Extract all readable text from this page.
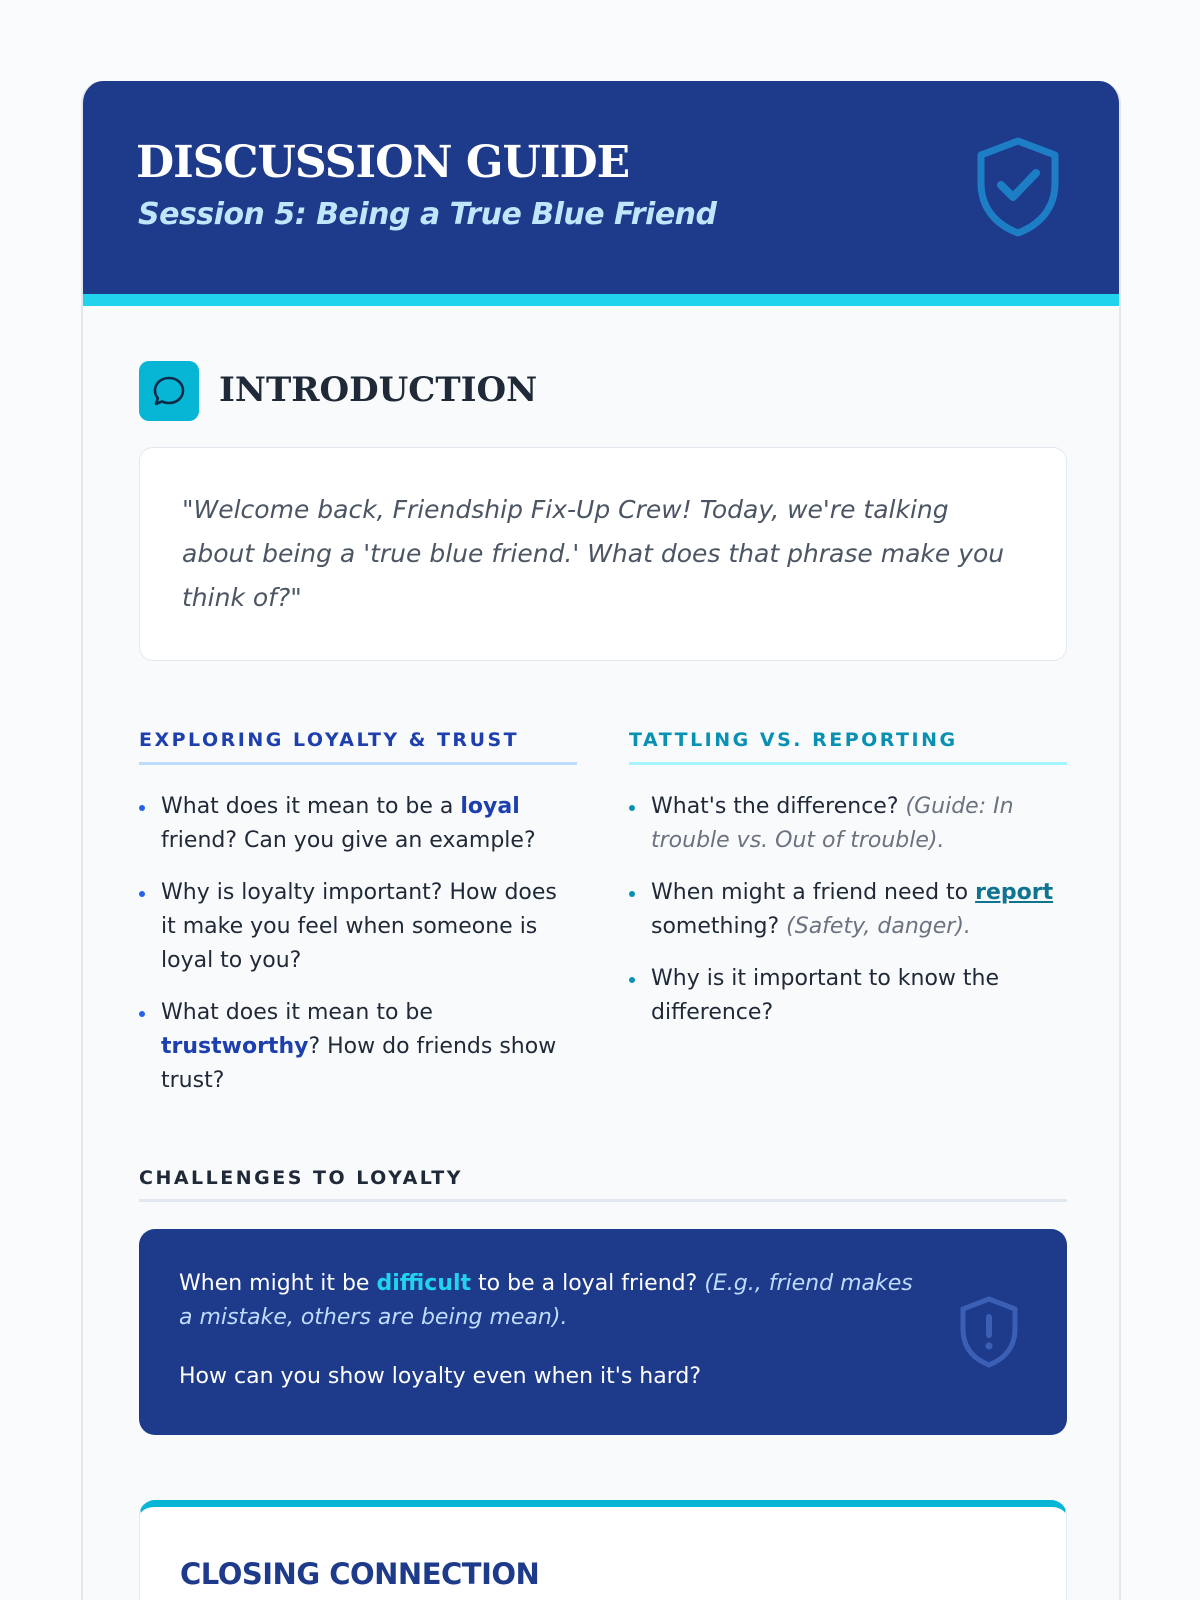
DISCUSSION GUIDE
Session 5: Being a True Blue Friend
INTRODUCTION

"Welcome back, Friendship Fix-Up Crew! Today, we're talking about being a 'true blue friend.' What does that phrase make you think of?"

EXPLORING LOYALTY & TRUST
What does it mean to be a loyal friend? Can you give an example?
Why is loyalty important? How does it make you feel when someone is loyal to you?
What does it mean to be trustworthy? How do friends show trust?
TATTLING VS. REPORTING
What's the difference? (Guide: In trouble vs. Out of trouble).
When might a friend need to report something? (Safety, danger).
Why is it important to know the difference?
CHALLENGES TO LOYALTY

When might it be difficult to be a loyal friend? (E.g., friend makes a mistake, others are being mean).

How can you show loyalty even when it's hard?

CLOSING CONNECTION
